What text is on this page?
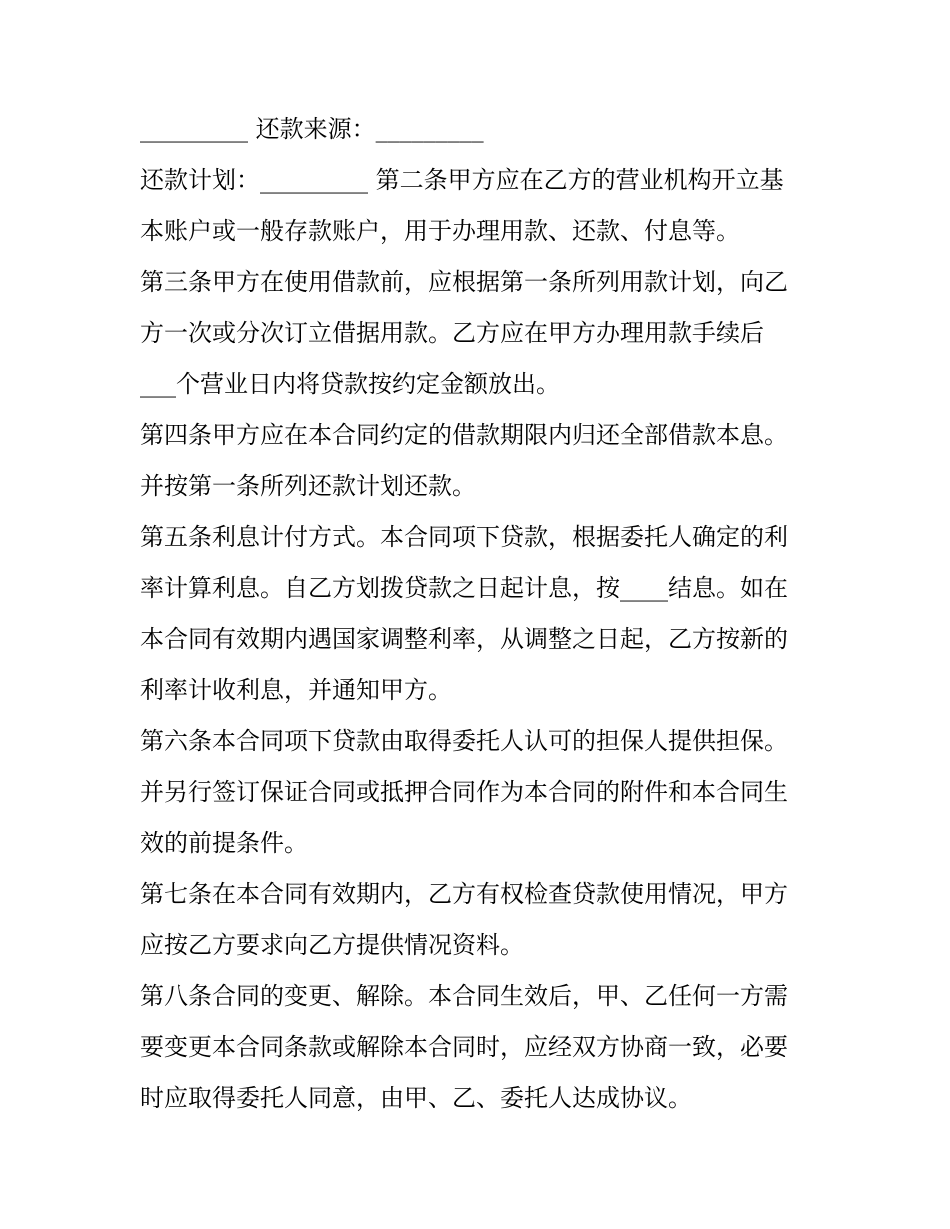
_________ 还款来源：_________
还款计划：_________ 第二条甲方应在乙方的营业机构开立基
本账户或一般存款账户，用于办理用款、还款、付息等。
第三条甲方在使用借款前，应根据第一条所列用款计划，向乙
方一次或分次订立借据用款。乙方应在甲方办理用款手续后
___个营业日内将贷款按约定金额放出。
第四条甲方应在本合同约定的借款期限内归还全部借款本息。
并按第一条所列还款计划还款。
第五条利息计付方式。本合同项下贷款，根据委托人确定的利
率计算利息。自乙方划拨贷款之日起计息，按____结息。如在
本合同有效期内遇国家调整利率，从调整之日起，乙方按新的
利率计收利息，并通知甲方。
第六条本合同项下贷款由取得委托人认可的担保人提供担保。
并另行签订保证合同或抵押合同作为本合同的附件和本合同生
效的前提条件。
第七条在本合同有效期内，乙方有权检查贷款使用情况，甲方
应按乙方要求向乙方提供情况资料。
第八条合同的变更、解除。本合同生效后，甲、乙任何一方需
要变更本合同条款或解除本合同时，应经双方协商一致，必要
时应取得委托人同意，由甲、乙、委托人达成协议。
